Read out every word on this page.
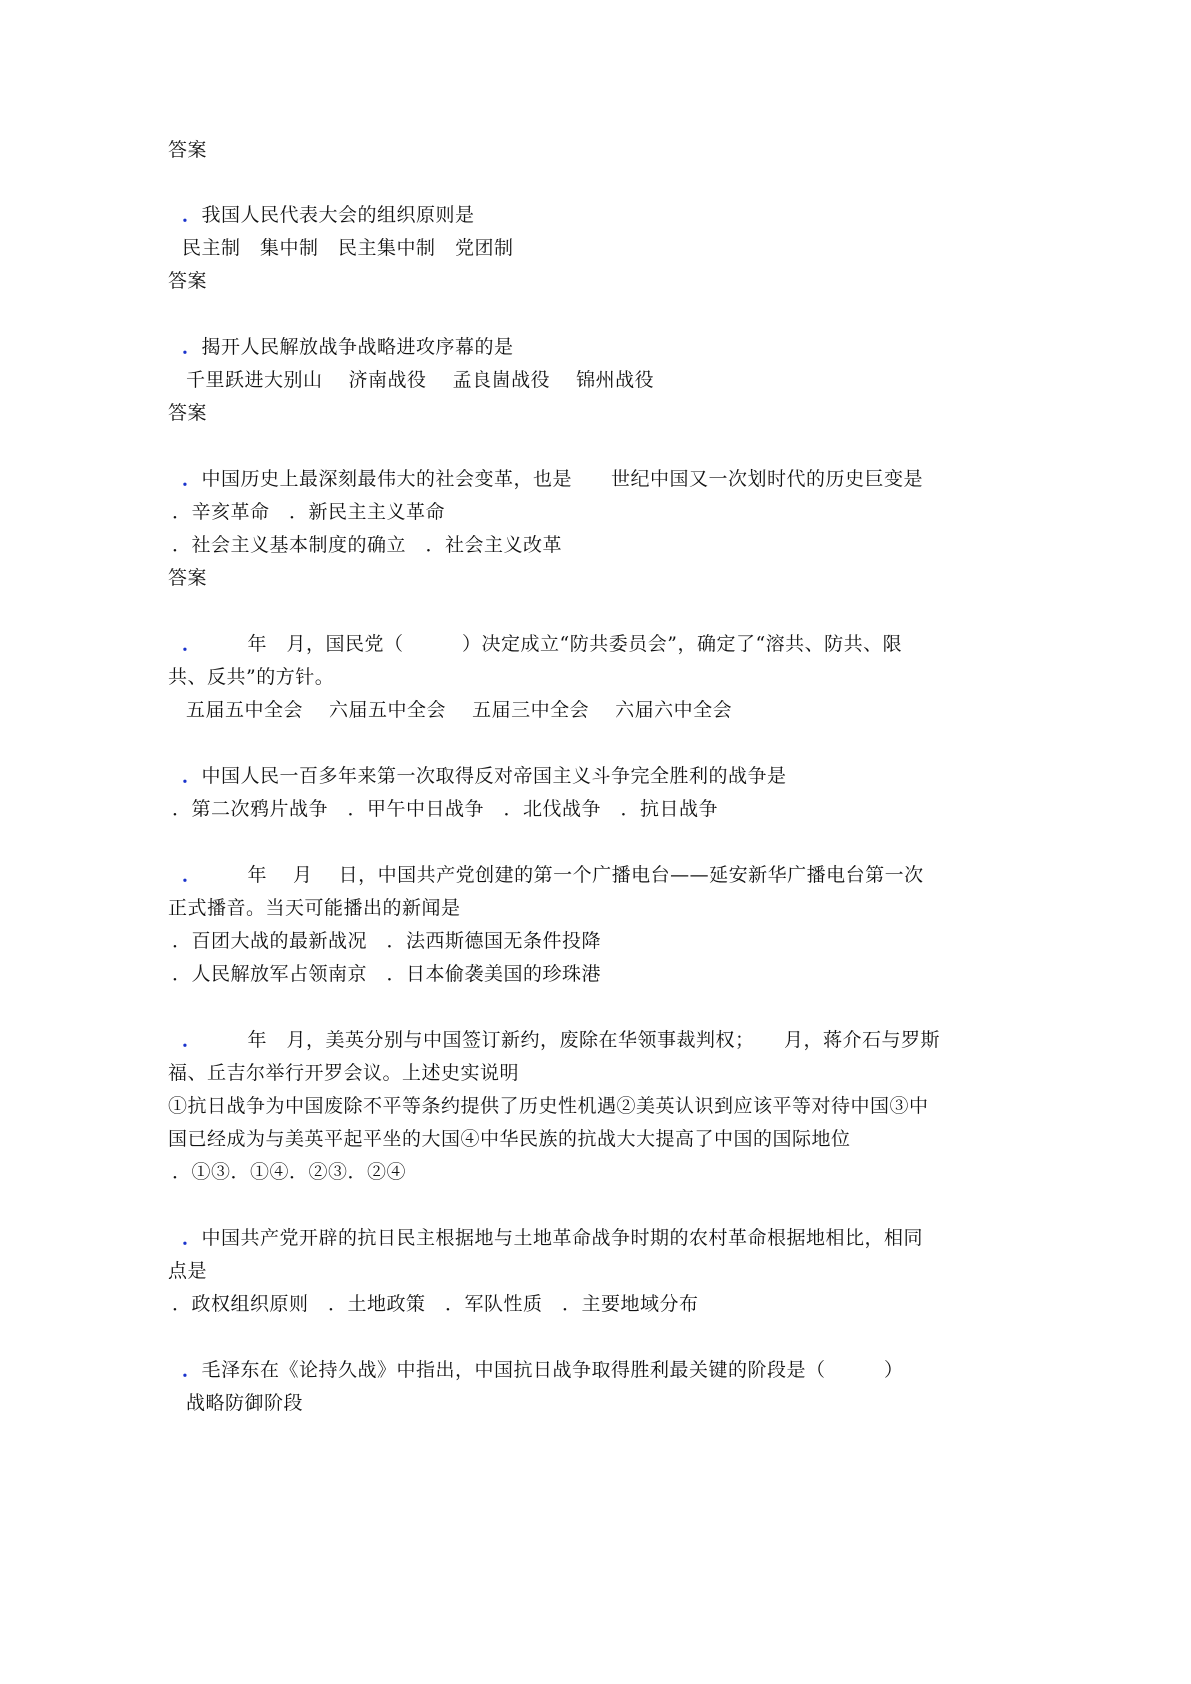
答案
．我国人民代表大会的组织原则是
民主制　集中制　民主集中制　党团制
答案
．揭开人民解放战争战略进攻序幕的是
千里跃进大别山　 济南战役　 孟良崮战役　 锦州战役
答案
．中国历史上最深刻最伟大的社会变革，也是　　世纪中国又一次划时代的历史巨变是
．辛亥革命　．新民主主义革命
．社会主义基本制度的确立　．社会主义改革
答案
． 年　月，国民党（　　　）决定成立“防共委员会”，确定了“溶共、防共、限
共、反共”的方针。
五届五中全会　 六届五中全会　 五届三中全会　 六届六中全会
．中国人民一百多年来第一次取得反对帝国主义斗争完全胜利的战争是
．第二次鸦片战争　．甲午中日战争　．北伐战争　．抗日战争
． 年　 月　 日，中国共产党创建的第一个广播电台——延安新华广播电台第一次
正式播音。当天可能播出的新闻是
．百团大战的最新战况　．法西斯德国无条件投降
．人民解放军占领南京　．日本偷袭美国的珍珠港
． 年　月，美英分别与中国签订新约，废除在华领事裁判权；　　月，蒋介石与罗斯
福、丘吉尔举行开罗会议。上述史实说明
①抗日战争为中国废除不平等条约提供了历史性机遇②美英认识到应该平等对待中国③中
国已经成为与美英平起平坐的大国④中华民族的抗战大大提高了中国的国际地位
．①③．①④．②③．②④
．中国共产党开辟的抗日民主根据地与土地革命战争时期的农村革命根据地相比，相同
点是
．政权组织原则　．土地政策　．军队性质　．主要地域分布
．毛泽东在《论持久战》中指出，中国抗日战争取得胜利最关键的阶段是（　　　）
战略防御阶段
